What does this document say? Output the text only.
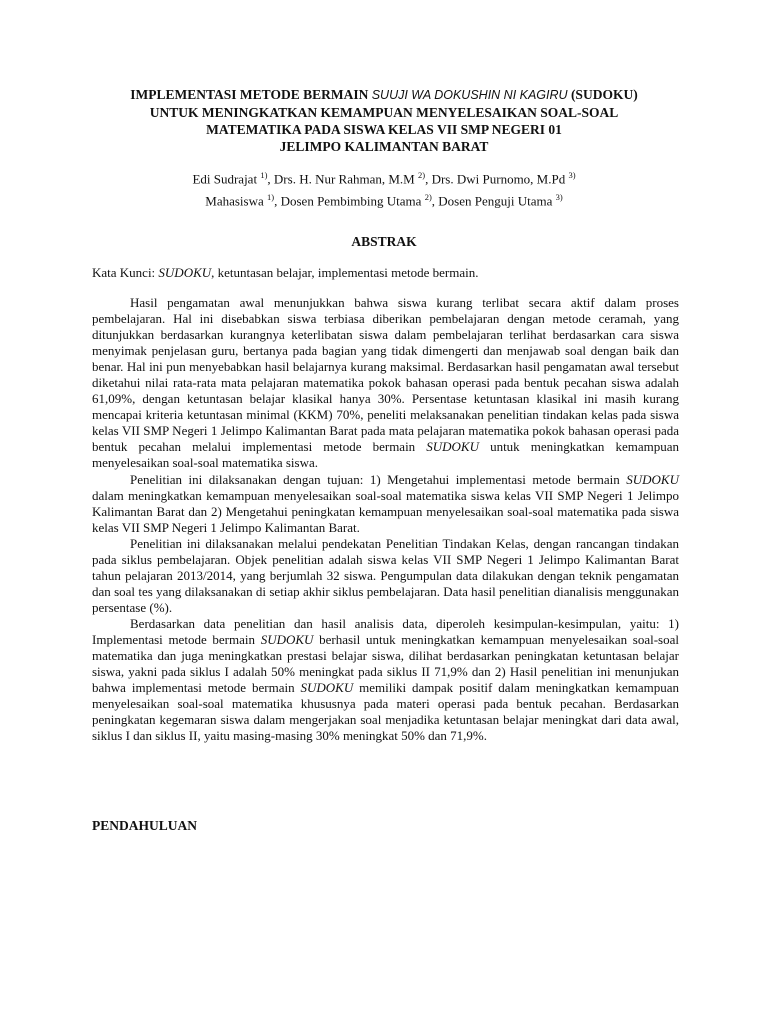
IMPLEMENTASI METODE BERMAIN SUUJI WA DOKUSHIN NI KAGIRU (SUDOKU)
UNTUK MENINGKATKAN KEMAMPUAN MENYELESAIKAN SOAL-SOAL
MATEMATIKA PADA SISWA KELAS VII SMP NEGERI 01
JELIMPO KALIMANTAN BARAT
Edi Sudrajat $^{1)}$, Drs. H. Nur Rahman, M.M $^{2)}$, Drs. Dwi Purnomo, M.Pd $^{3)}$
Mahasiswa $^{1)}$, Dosen Pembimbing Utama $^{2)}$, Dosen Penguji Utama $^{3)}$
ABSTRAK
Kata Kunci: SUDOKU, ketuntasan belajar, implementasi metode bermain.

Hasil pengamatan awal menunjukkan bahwa siswa kurang terlibat secara aktif dalam proses pembelajaran. Hal ini disebabkan siswa terbiasa diberikan pembelajaran dengan metode ceramah, yang ditunjukkan berdasarkan kurangnya keterlibatan siswa dalam pembelajaran terlihat berdasarkan cara siswa menyimak penjelasan guru, bertanya pada bagian yang tidak dimengerti dan menjawab soal dengan baik dan benar. Hal ini pun menyebabkan hasil belajarnya kurang maksimal. Berdasarkan hasil pengamatan awal tersebut diketahui nilai rata-rata mata pelajaran matematika pokok bahasan operasi pada bentuk pecahan siswa adalah 61,09%, dengan ketuntasan belajar klasikal hanya 30%. Persentase ketuntasan klasikal ini masih kurang mencapai kriteria ketuntasan minimal (KKM) 70%, peneliti melaksanakan penelitian tindakan kelas pada siswa kelas VII SMP Negeri 1 Jelimpo Kalimantan Barat pada mata pelajaran matematika pokok bahasan operasi pada bentuk pecahan melalui implementasi metode bermain SUDOKU untuk meningkatkan kemampuan menyelesaikan soal-soal matematika siswa.

Penelitian ini dilaksanakan dengan tujuan: 1) Mengetahui implementasi metode bermain SUDOKU dalam meningkatkan kemampuan menyelesaikan soal-soal matematika siswa kelas VII SMP Negeri 1 Jelimpo Kalimantan Barat dan 2) Mengetahui peningkatan kemampuan menyelesaikan soal-soal matematika pada siswa kelas VII SMP Negeri 1 Jelimpo Kalimantan Barat.

Penelitian ini dilaksanakan melalui pendekatan Penelitian Tindakan Kelas, dengan rancangan tindakan pada siklus pembelajaran. Objek penelitian adalah siswa kelas VII SMP Negeri 1 Jelimpo Kalimantan Barat tahun pelajaran 2013/2014, yang berjumlah 32 siswa. Pengumpulan data dilakukan dengan teknik pengamatan dan soal tes yang dilaksanakan di setiap akhir siklus pembelajaran. Data hasil penelitian dianalisis menggunakan persentase (%).

Berdasarkan data penelitian dan hasil analisis data, diperoleh kesimpulan-kesimpulan, yaitu: 1) Implementasi metode bermain SUDOKU berhasil untuk meningkatkan kemampuan menyelesaikan soal-soal matematika dan juga meningkatkan prestasi belajar siswa, dilihat berdasarkan peningkatan ketuntasan belajar siswa, yakni pada siklus I adalah 50% meningkat pada siklus II 71,9% dan 2) Hasil penelitian ini menunjukan bahwa implementasi metode bermain SUDOKU memiliki dampak positif dalam meningkatkan kemampuan menyelesaikan soal-soal matematika khususnya pada materi operasi pada bentuk pecahan. Berdasarkan peningkatan kegemaran siswa dalam mengerjakan soal menjadika ketuntasan belajar meningkat dari data awal, siklus I dan siklus II, yaitu masing-masing 30% meningkat 50% dan 71,9%.

PENDAHULUAN
